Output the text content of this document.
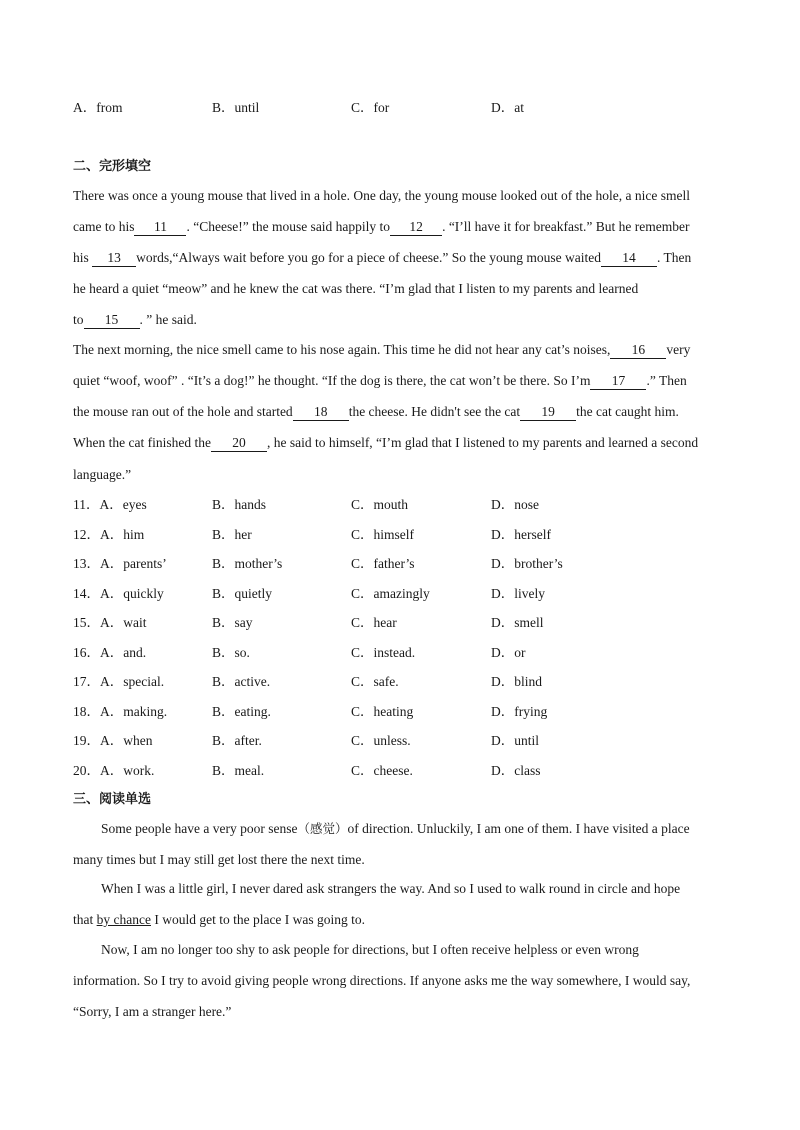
A．from	B．until	C．for	D．at
二、完形填空
There was once a young mouse that lived in a hole. One day, the young mouse looked out of the hole, a nice smell
came to his 11 . “Cheese!” the mouse said happily to 12 . “I’ll have it for breakfast.” But he remember
his 13 words,“Always wait before you go for a piece of cheese.” So the young mouse waited 14 . Then
he heard a quiet “meow” and he knew the cat was there. “I’m glad that I listen to my parents and learned
to 15 . ” he said.
The next morning, the nice smell came to his nose again. This time he did not hear any cat’s noises, 16 very
quiet “woof, woof” . “It’s a dog!” he thought. “If the dog is there, the cat won’t be there. So I’m 17 .” Then
the mouse ran out of the hole and started 18 the cheese. He didn't see the cat 19 the cat caught him.
When the cat finished the 20 , he said to himself, “I’m glad that I listened to my parents and learned a second
language.”
11．A．eyes	B．hands	C．mouth	D．nose
12．A．him	B．her	C．himself	D．herself
13．A．parents’	B．mother’s	C．father’s	D．brother’s
14．A．quickly	B．quietly	C．amazingly	D．lively
15．A．wait	B．say	C．hear	D．smell
16．A．and.	B．so.	C．instead.	D．or
17．A．special.	B．active.	C．safe.	D．blind
18．A．making.	B．eating.	C．heating	D．frying
19．A．when	B．after.	C．unless.	D．until
20．A．work.	B．meal.	C．cheese.	D．class
三、阅读单选
Some people have a very poor sense（感觉）of direction. Unluckily, I am one of them. I have visited a place
many times but I may still get lost there the next time.
When I was a little girl, I never dared ask strangers the way. And so I used to walk round in circle and hope
that by chance I would get to the place I was going to.
Now, I am no longer too shy to ask people for directions, but I often receive helpless or even wrong
information. So I try to avoid giving people wrong directions. If anyone asks me the way somewhere, I would say,
“Sorry, I am a stranger here.”
